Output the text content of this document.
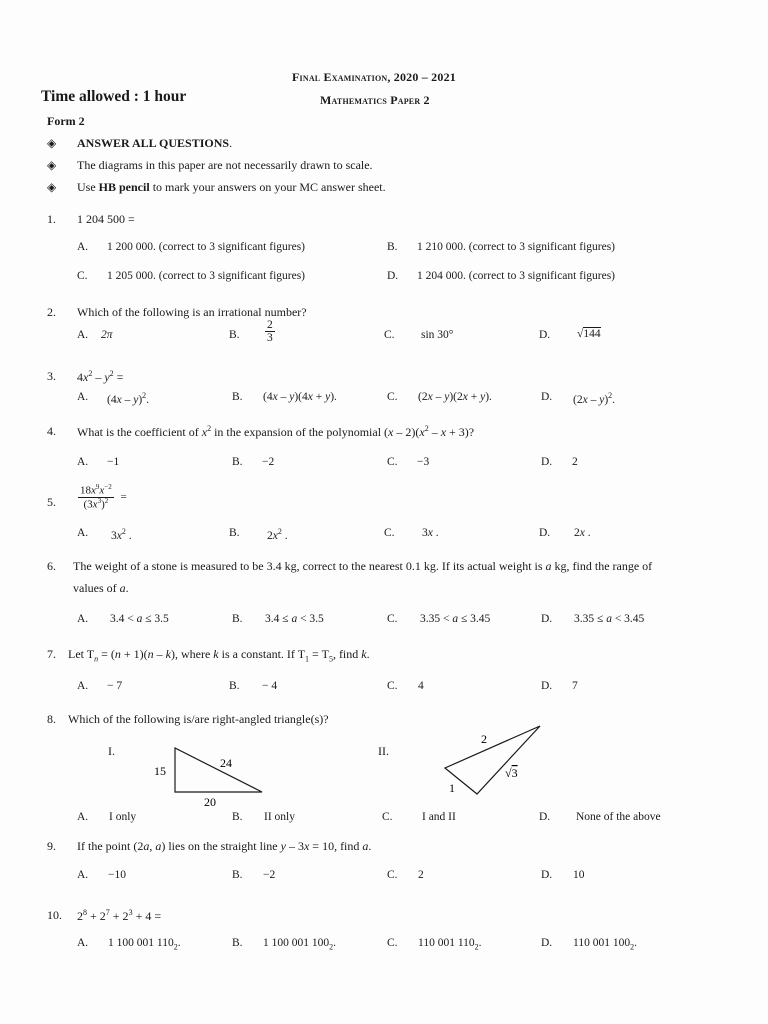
Final Examination, 2020 – 2021
Mathematics Paper 2
Time allowed : 1 hour
Form 2
◈ ANSWER ALL QUESTIONS.
◈ The diagrams in this paper are not necessarily drawn to scale.
◈ Use HB pencil to mark your answers on your MC answer sheet.
1. 1 204 500 =
A. 1 200 000. (correct to 3 significant figures)	B. 1 210 000. (correct to 3 significant figures)
C. 1 205 000. (correct to 3 significant figures)	D. 1 204 000. (correct to 3 significant figures)
2. Which of the following is an irrational number?
A. 2π	B. $\frac{2}{3}$	C. sin 30°	D. √144
3. $4x^2 - y^2$ =
A. (4x – y)$^2$.	B. (4x – y)(4x + y).	C. (2x – y)(2x + y).	D. (2x – y)$^2$.
4. What is the coefficient of $x^2$ in the expansion of the polynomial $(x - 2)(x^2 - x + 3)$?
A. −1	B. −2	C. −3	D. 2
5. $\frac{18x^9x^{-2}}{(3x^3)^2}$ =
A. $3x^2$ .	B. $2x^2$ .	C. 3x .	D. 2x .
6. The weight of a stone is measured to be 3.4 kg, correct to the nearest 0.1 kg. If its actual weight is a kg, find the range of
values of a.
A. 3.4 < a ≤ 3.5	B. 3.4 ≤ a < 3.5	C. 3.35 < a ≤ 3.45	D. 3.35 ≤ a < 3.45
7. Let $T_n = (n + 1)(n - k)$, where k is a constant. If $T_1 = T_5$, find k.
A. − 7	B. − 4	C. 4	D. 7
8. Which of the following is/are right-angled triangle(s)?
I.
15
24
20
II.
2
√3
1
A. I only	B. II only	C.	I and II	D. None of the above
9. If the point (2a, a) lies on the straight line y – 3x = 10, find a.
A. −10	B. −2	C. 2	D. 10
10. $2^8 + 2^7 + 2^3 + 4$ =
A. 1 100 001 $110_2$.	B. 1 100 001 $100_2$.	C. 110 001 $110_2$.	D. 110 001 $100_2$.
